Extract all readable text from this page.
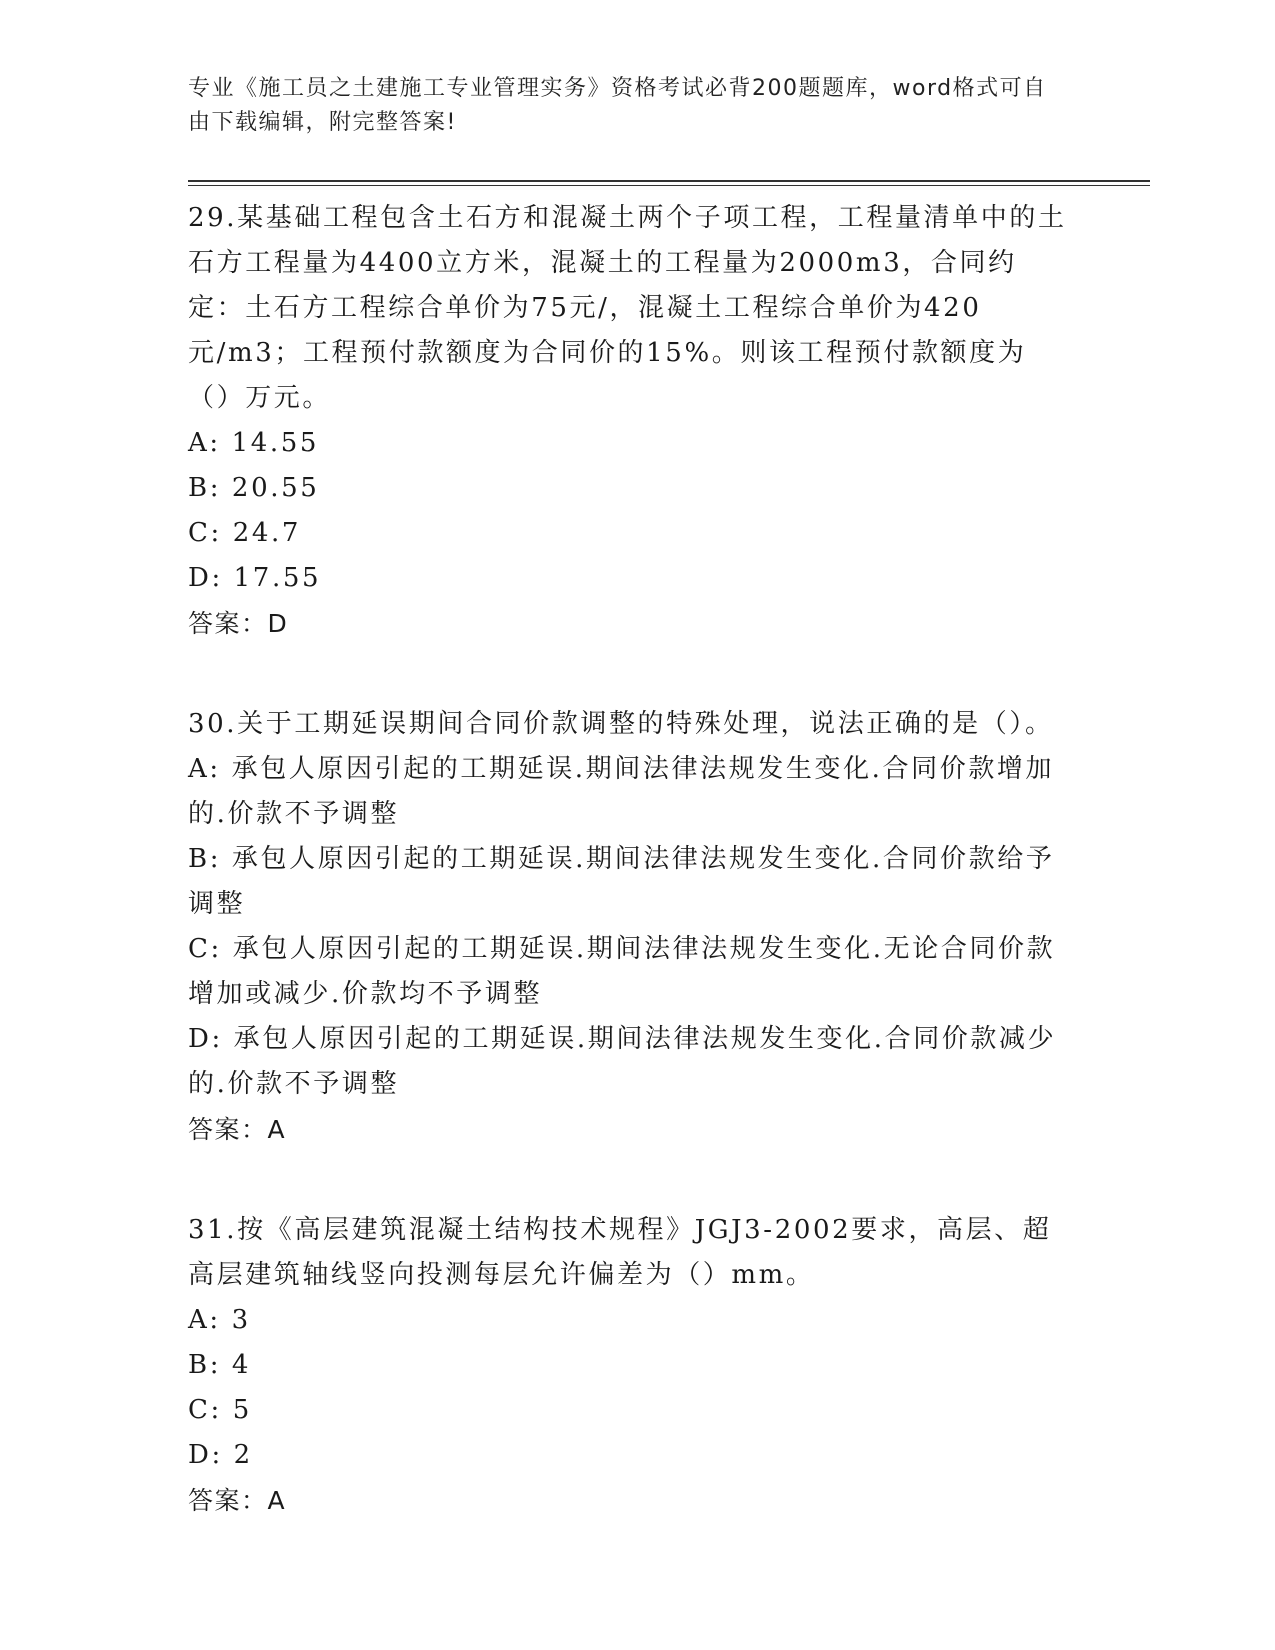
专业《施工员之土建施工专业管理实务》资格考试必背200题题库，word格式可自由下载编辑，附完整答案!

29.某基础工程包含土石方和混凝土两个子项工程，工程量清单中的土石方工程量为4400立方米，混凝土的工程量为2000m3，合同约定：土石方工程综合单价为75元/，混凝土工程综合单价为420元/m3；工程预付款额度为合同价的15%。则该工程预付款额度为（）万元。

A: 14.55

B: 20.55

C: 24.7

D: 17.55

答案：D

30.关于工期延误期间合同价款调整的特殊处理，说法正确的是（）。

A: 承包人原因引起的工期延误.期间法律法规发生变化.合同价款增加的.价款不予调整

B: 承包人原因引起的工期延误.期间法律法规发生变化.合同价款给予调整

C: 承包人原因引起的工期延误.期间法律法规发生变化.无论合同价款增加或减少.价款均不予调整

D: 承包人原因引起的工期延误.期间法律法规发生变化.合同价款减少的.价款不予调整

答案：A

31.按《高层建筑混凝土结构技术规程》JGJ3-2002要求，高层、超高层建筑轴线竖向投测每层允许偏差为（）mm。

A: 3

B: 4

C: 5

D: 2

答案：A
